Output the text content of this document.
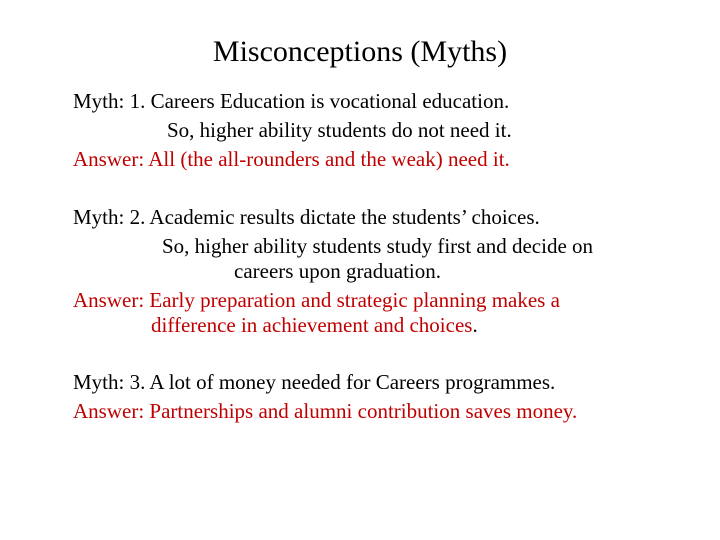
Misconceptions (Myths)
Myth: 1. Careers Education is vocational education.
So, higher ability students do not need it.
Answer: All (the all-rounders and the weak) need it.
Myth: 2. Academic results dictate the students’ choices.
So, higher ability students study first and decide on
careers upon graduation.
Answer: Early preparation and strategic planning makes a
difference in achievement and choices.
Myth: 3. A lot of money needed for Careers programmes.
Answer: Partnerships and alumni contribution saves money.
